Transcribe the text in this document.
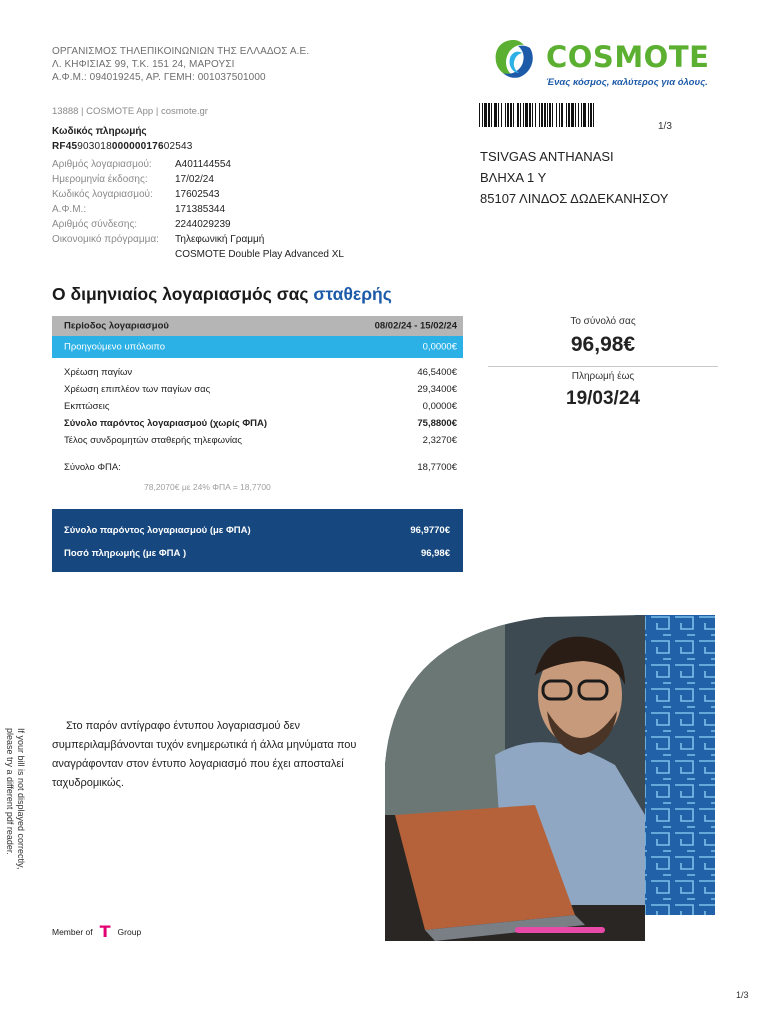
ΟΡΓΑΝΙΣΜΟΣ ΤΗΛΕΠΙΚΟΙΝΩΝΙΩΝ ΤΗΣ ΕΛΛΑΔΟΣ Α.Ε.
Λ. ΚΗΦΙΣΙΑΣ 99, Τ.Κ. 151 24, ΜΑΡΟΥΣΙ
Α.Φ.Μ.: 094019245, ΑΡ. ΓΕΜΗ: 001037501000
13888 | COSMOTE App | cosmote.gr
COSMOTE
Ένας κόσμος, καλύτερος για όλους.
1/3
TSIVGAS ANTHANASI
ΒΛΗΧΑ 1 Υ
85107 ΛΙΝΔΟΣ ΔΩΔΕΚΑΝΗΣΟΥ
Κωδικός πληρωμής
RF4590301800000017602543
Αριθμός λογαριασμού:	A401144554
Ημερομηνία έκδοσης:	17/02/24
Κωδικός λογαριασμού:	17602543
Α.Φ.Μ.:	171385344
Αριθμός σύνδεσης:	2244029239
Οικονομικό πρόγραμμα:	Τηλεφωνική Γραμμή
COSMOTE Double Play Advanced XL
Ο διμηνιαίος λογαριασμός σας σταθερής
Περίοδος λογαριασμού	08/02/24 - 15/02/24
Προηγούμενο υπόλοιπο	0,0000€
Χρέωση παγίων	46,5400€
Χρέωση επιπλέον των παγίων σας	29,3400€
Εκπτώσεις	0,0000€
Σύνολο παρόντος λογαριασμού (χωρίς ΦΠΑ)	75,8800€
Τέλος συνδρομητών σταθερής τηλεφωνίας	2,3270€
Σύνολο ΦΠΑ:	18,7700€
78,2070€ με 24% ΦΠΑ = 18,7700
Σύνολο παρόντος λογαριασμού (με ΦΠΑ)	96,9770€
Ποσό πληρωμής (με ΦΠΑ )	96,98€
Το σύνολό σας
96,98€
Πληρωμή έως
19/03/24
Στο παρόν αντίγραφο έντυπου λογαριασμού δεν συμπεριλαμβάνονται τυχόν ενημερωτικά ή άλλα μηνύματα που αναγράφονταν στον έντυπο λογαριασμό που έχει αποσταλεί ταχυδρομικώς.
If your bill is not displayed correctly,
please try a different pdf reader.
Member of T Group
1/3
